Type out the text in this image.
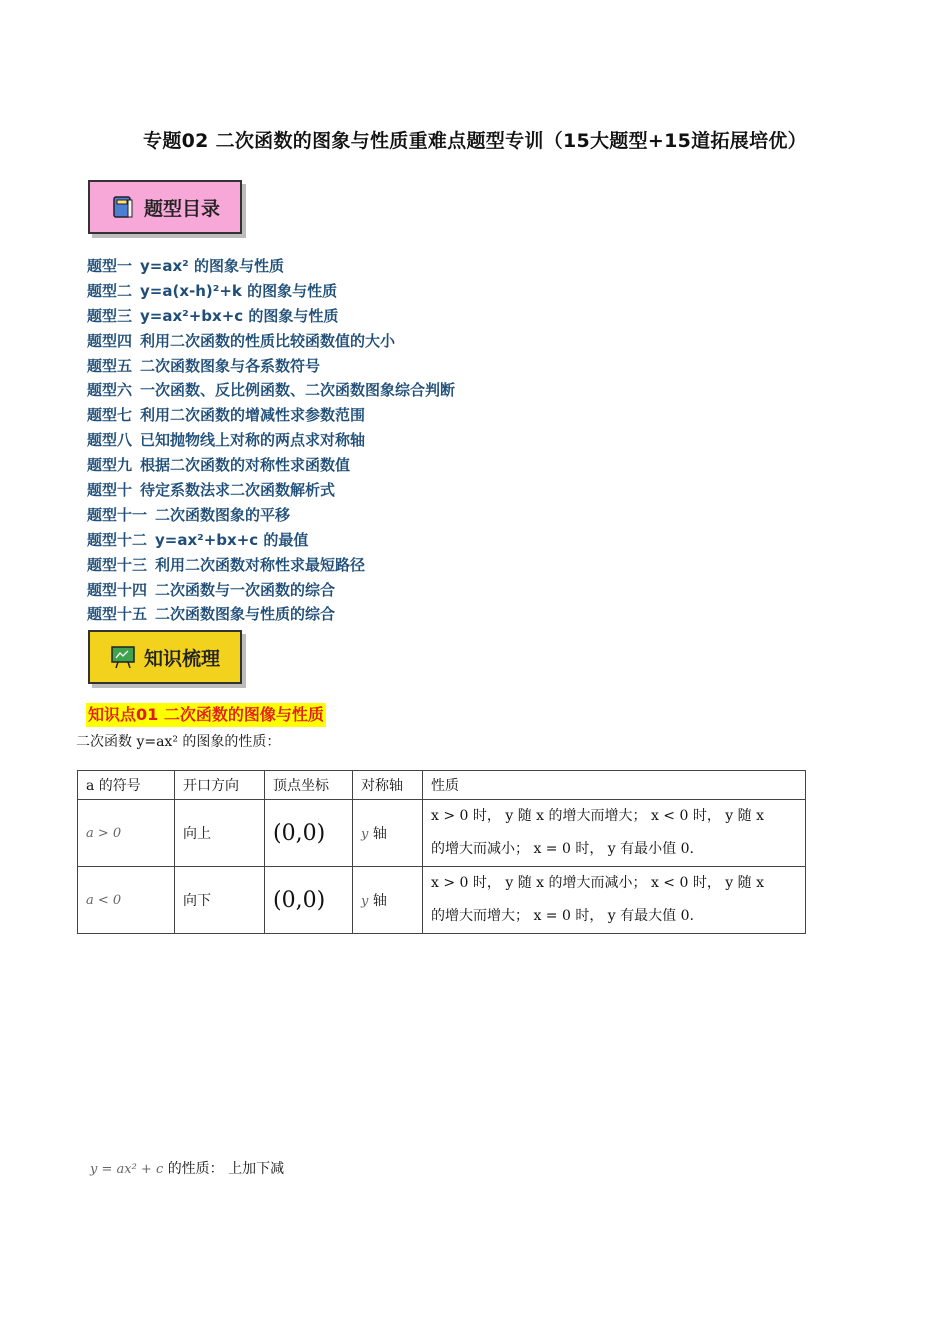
专题02 二次函数的图象与性质重难点题型专训（15大题型+15道拓展培优）
题型目录
题型一 y=ax² 的图象与性质
题型二 y=a(x-h)²+k 的图象与性质
题型三 y=ax²+bx+c 的图象与性质
题型四 利用二次函数的性质比较函数值的大小
题型五 二次函数图象与各系数符号
题型六 一次函数、反比例函数、二次函数图象综合判断
题型七 利用二次函数的增减性求参数范围
题型八 已知抛物线上对称的两点求对称轴
题型九 根据二次函数的对称性求函数值
题型十 待定系数法求二次函数解析式
题型十一 二次函数图象的平移
题型十二 y=ax²+bx+c 的最值
题型十三 利用二次函数对称性求最短路径
题型十四 二次函数与一次函数的综合
题型十五 二次函数图象与性质的综合
知识梳理
知识点01 二次函数的图像与性质
二次函数 y=ax² 的图象的性质：
a 的符号	开口方向	顶点坐标	对称轴	性质
a > 0	向上	(0,0)	y 轴	x > 0 时， y 随 x 的增大而增大； x < 0 时， y 随 x
的增大而减小； x = 0 时， y 有最小值 0.

a < 0	向下	(0,0)	y 轴	x > 0 时， y 随 x 的增大而减小； x < 0 时， y 随 x
的增大而增大； x = 0 时， y 有最大值 0.
y = ax² + c 的性质： 上加下减
